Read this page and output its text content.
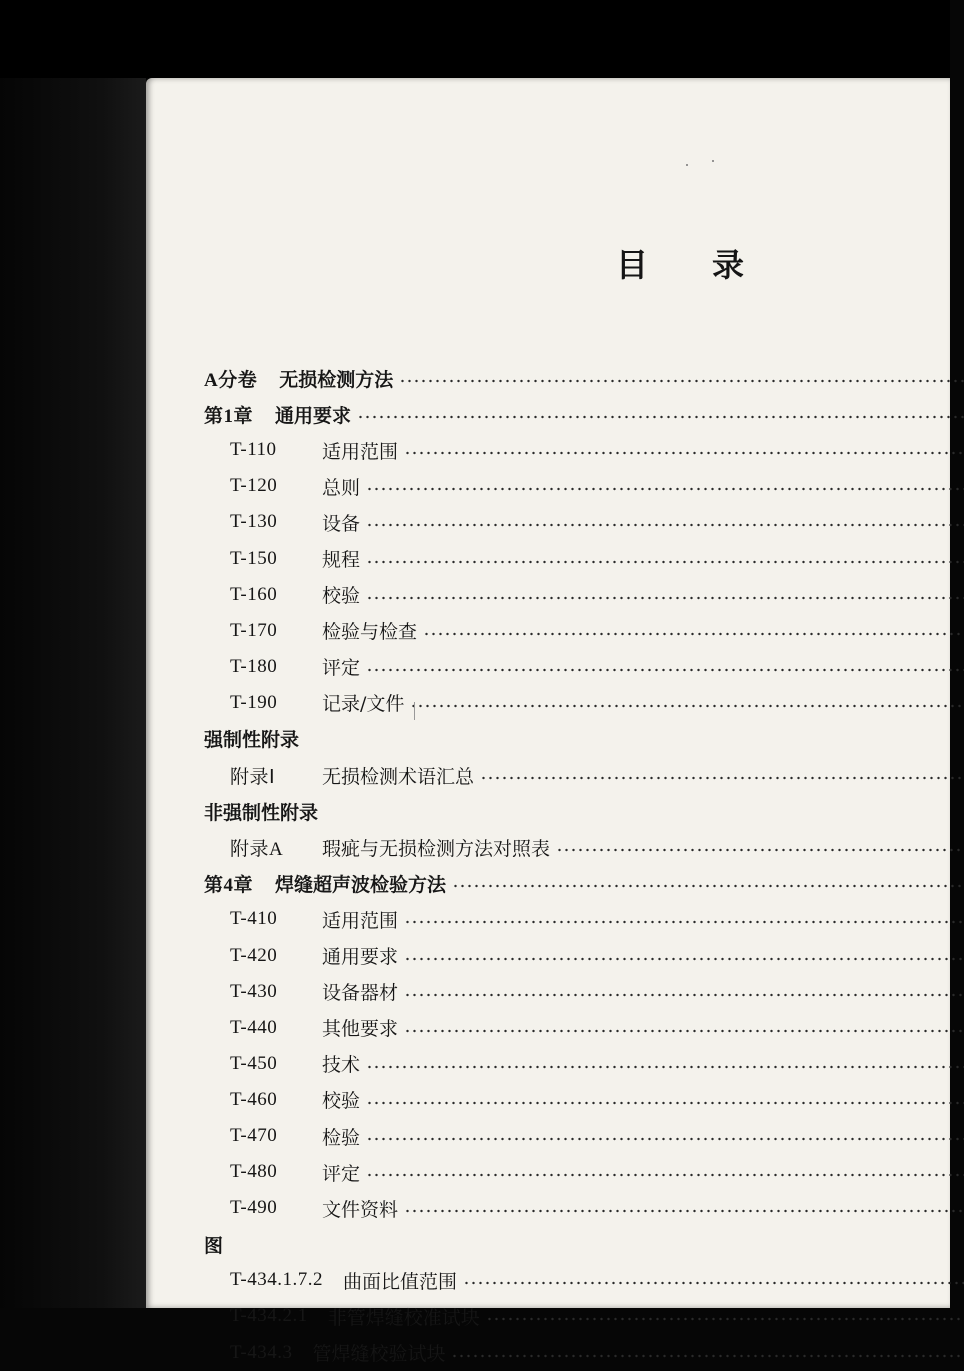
目 录
A分卷 无损检测方法
第1章 通用要求
T-110	适用范围
T-120	总则
T-130	设备
T-150	规程
T-160	校验
T-170	检验与检查
T-180	评定
T-190	记录/文件
强制性附录
附录Ⅰ	无损检测术语汇总
非强制性附录
附录A	瑕疵与无损检测方法对照表
第4章 焊缝超声波检验方法
T-410	适用范围
T-420	通用要求
T-430	设备器材
T-440	其他要求
T-450	技术
T-460	校验
T-470	检验
T-480	评定
T-490	文件资料
图
T-434.1.7.2 曲面比值范围
T-434.2.1 非管焊缝校准试块
T-434.3 管焊缝校验试块
